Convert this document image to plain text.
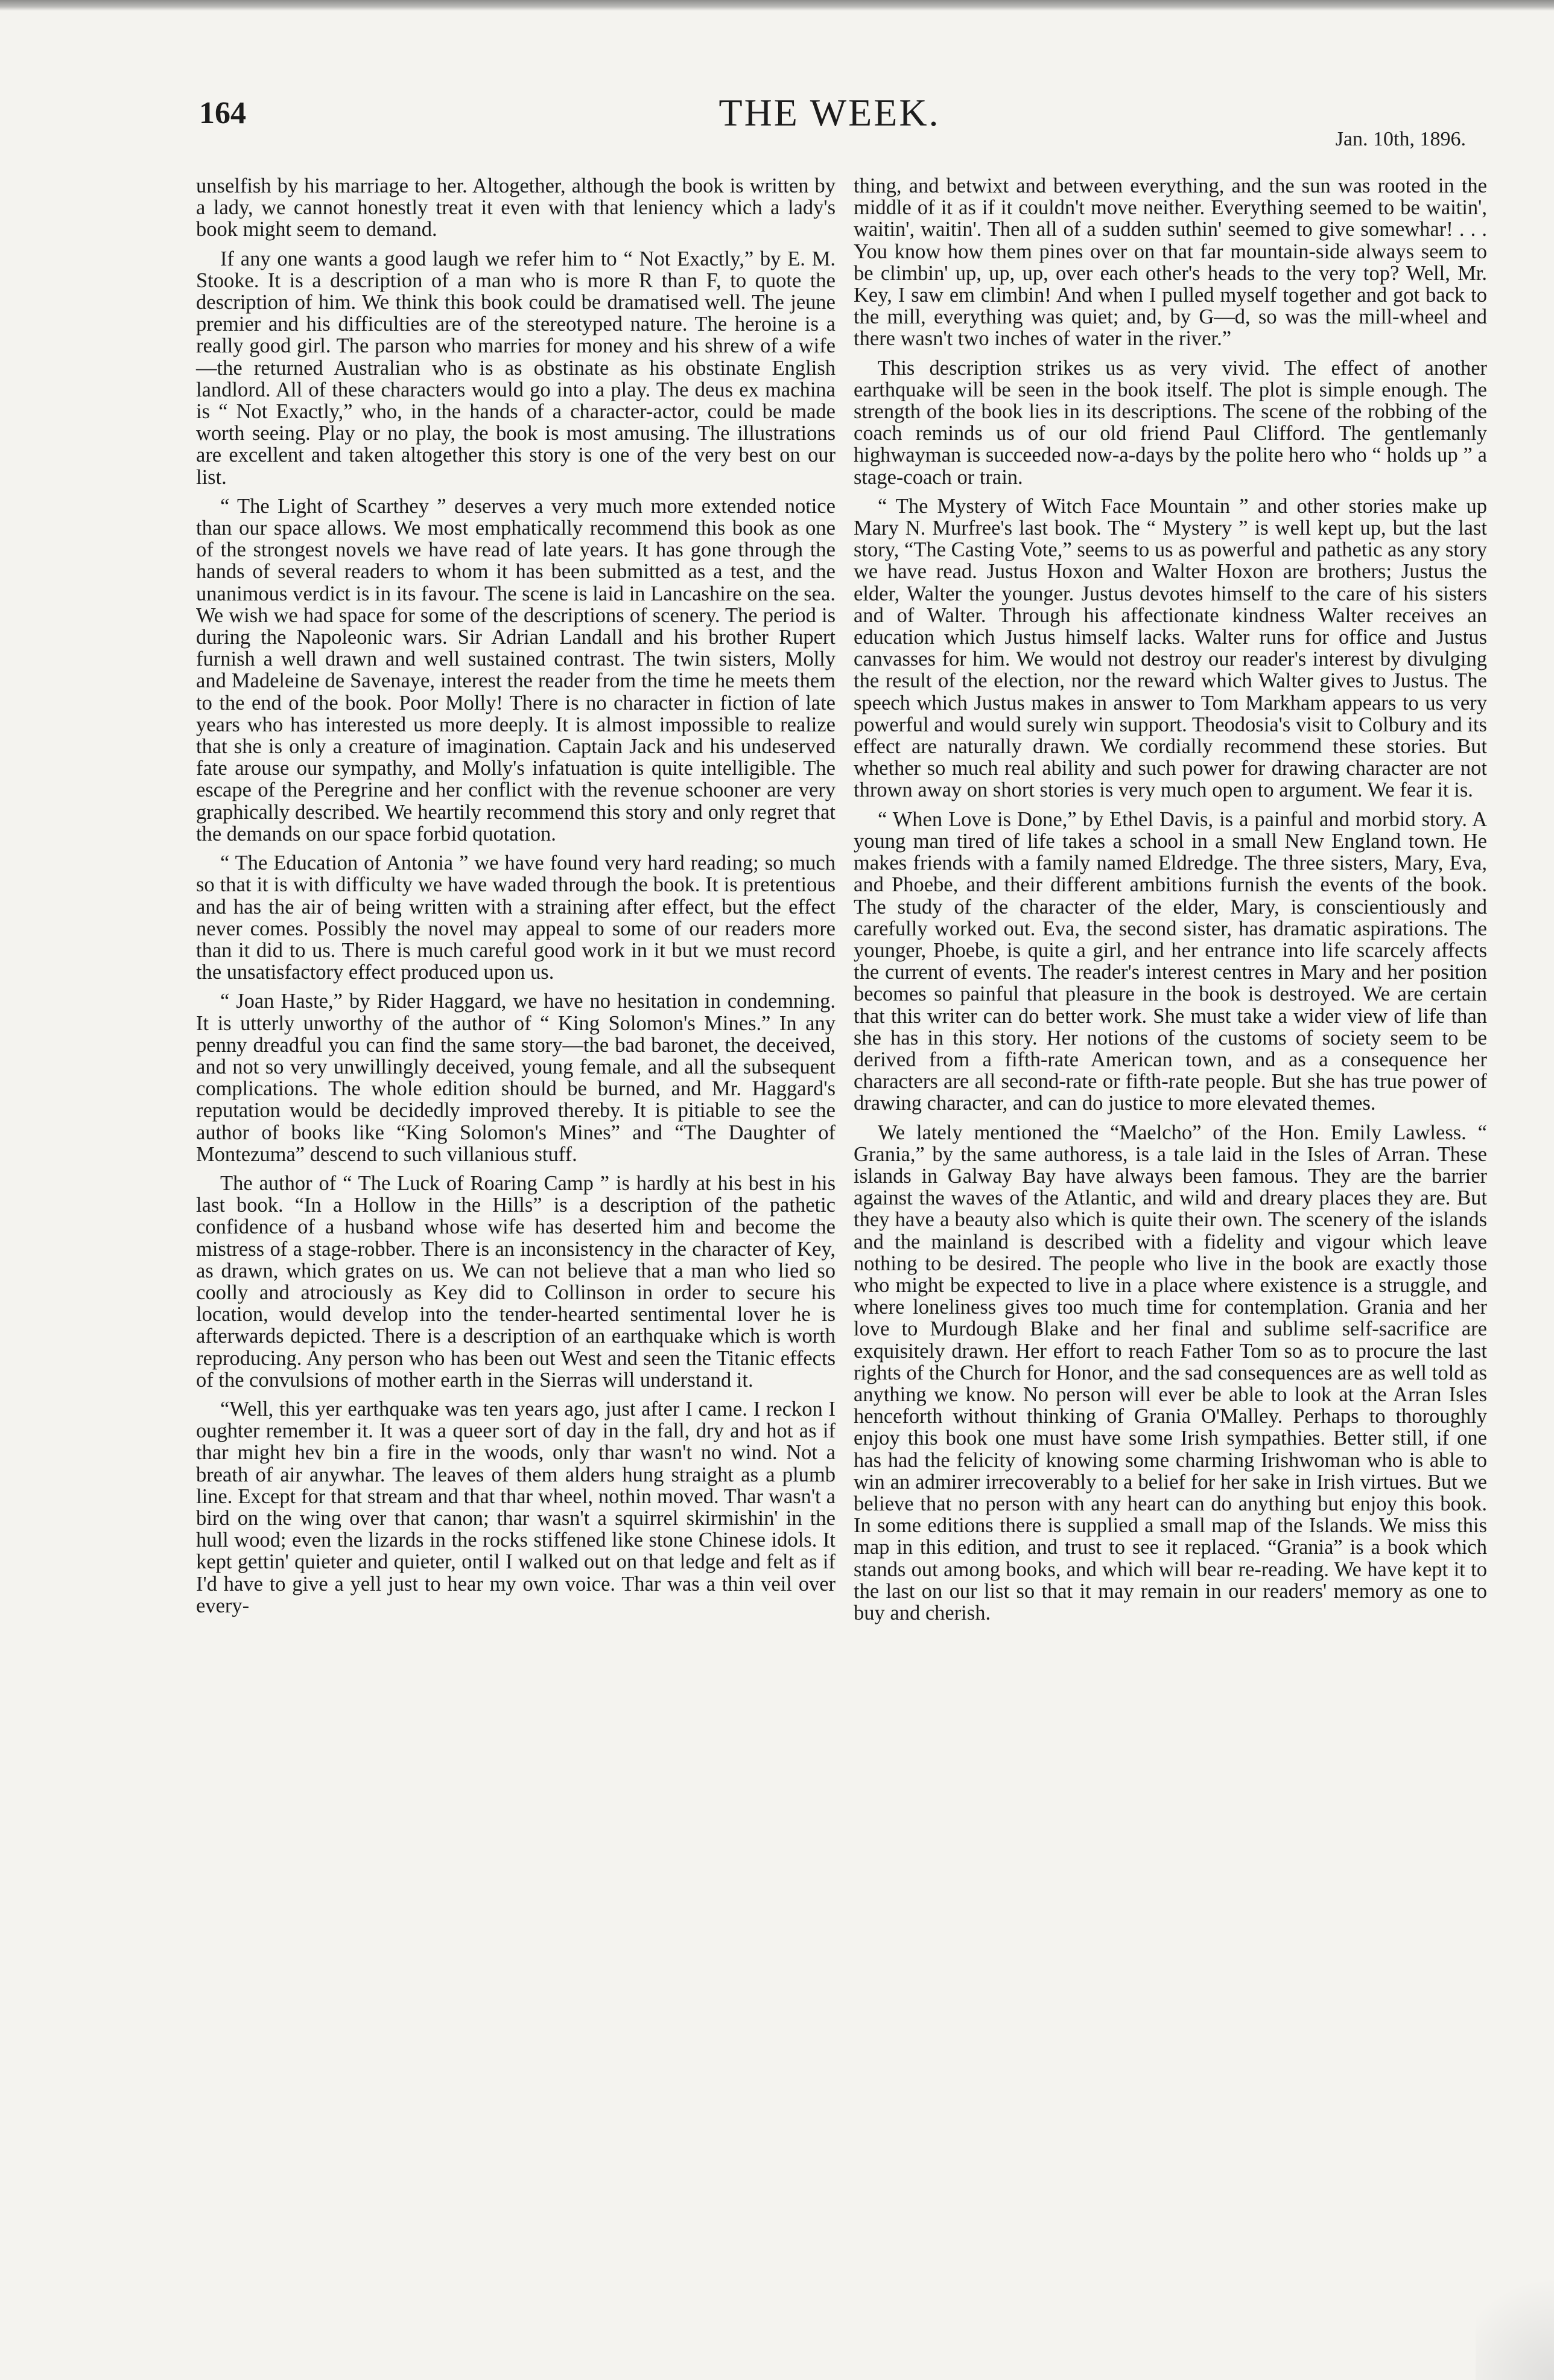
164	THE WEEK.
Jan. 10th, 1896.

unselfish by his marriage to her. Altogether, although the book is written by a lady, we cannot honestly treat it even with that leniency which a lady's book might seem to demand.

If any one wants a good laugh we refer him to “ Not Exactly,” by E. M. Stooke. It is a description of a man who is more R than F, to quote the description of him. We think this book could be dramatised well. The jeune premier and his difficulties are of the stereotyped nature. The heroine is a really good girl. The parson who marries for money and his shrew of a wife—the returned Australian who is as obstinate as his obstinate English landlord. All of these characters would go into a play. The deus ex machina is “ Not Exactly,” who, in the hands of a character-actor, could be made worth seeing. Play or no play, the book is most amusing. The illustrations are excellent and taken altogether this story is one of the very best on our list.

“ The Light of Scarthey ” deserves a very much more extended notice than our space allows. We most emphatically recommend this book as one of the strongest novels we have read of late years. It has gone through the hands of several readers to whom it has been submitted as a test, and the unanimous verdict is in its favour. The scene is laid in Lancashire on the sea. We wish we had space for some of the descriptions of scenery. The period is during the Napoleonic wars. Sir Adrian Landall and his brother Rupert furnish a well drawn and well sustained contrast. The twin sisters, Molly and Madeleine de Savenaye, interest the reader from the time he meets them to the end of the book. Poor Molly! There is no character in fiction of late years who has interested us more deeply. It is almost impossible to realize that she is only a creature of imagination. Captain Jack and his undeserved fate arouse our sympathy, and Molly's infatuation is quite intelligible. The escape of the Peregrine and her conflict with the revenue schooner are very graphically described. We heartily recommend this story and only regret that the demands on our space forbid quotation.

“ The Education of Antonia ” we have found very hard reading; so much so that it is with difficulty we have waded through the book. It is pretentious and has the air of being written with a straining after effect, but the effect never comes. Possibly the novel may appeal to some of our readers more than it did to us. There is much careful good work in it but we must record the unsatisfactory effect produced upon us.

“ Joan Haste,” by Rider Haggard, we have no hesitation in condemning. It is utterly unworthy of the author of “ King Solomon's Mines.” In any penny dreadful you can find the same story—the bad baronet, the deceived, and not so very unwillingly deceived, young female, and all the subsequent complications. The whole edition should be burned, and Mr. Haggard's reputation would be decidedly improved thereby. It is pitiable to see the author of books like “King Solomon's Mines” and “The Daughter of Montezuma” descend to such villanious stuff.

The author of “ The Luck of Roaring Camp ” is hardly at his best in his last book. “In a Hollow in the Hills” is a description of the pathetic confidence of a husband whose wife has deserted him and become the mistress of a stage-robber. There is an inconsistency in the character of Key, as drawn, which grates on us. We can not believe that a man who lied so coolly and atrociously as Key did to Collinson in order to secure his location, would develop into the tender-hearted sentimental lover he is afterwards depicted. There is a description of an earthquake which is worth reproducing. Any person who has been out West and seen the Titanic effects of the convulsions of mother earth in the Sierras will understand it.

“Well, this yer earthquake was ten years ago, just after I came. I reckon I oughter remember it. It was a queer sort of day in the fall, dry and hot as if thar might hev bin a fire in the woods, only thar wasn't no wind. Not a breath of air anywhar. The leaves of them alders hung straight as a plumb line. Except for that stream and that thar wheel, nothin moved. Thar wasn't a bird on the wing over that canon; thar wasn't a squirrel skirmishin' in the hull wood; even the lizards in the rocks stiffened like stone Chinese idols. It kept gettin' quieter and quieter, ontil I walked out on that ledge and felt as if I'd have to give a yell just to hear my own voice. Thar was a thin veil over every-

thing, and betwixt and between everything, and the sun was rooted in the middle of it as if it couldn't move neither. Everything seemed to be waitin', waitin', waitin'. Then all of a sudden suthin' seemed to give somewhar! . . . You know how them pines over on that far mountain-side always seem to be climbin' up, up, up, over each other's heads to the very top? Well, Mr. Key, I saw em climbin! And when I pulled myself together and got back to the mill, everything was quiet; and, by G—d, so was the mill-wheel and there wasn't two inches of water in the river.”

This description strikes us as very vivid. The effect of another earthquake will be seen in the book itself. The plot is simple enough. The strength of the book lies in its descriptions. The scene of the robbing of the coach reminds us of our old friend Paul Clifford. The gentlemanly highwayman is succeeded now-a-days by the polite hero who “ holds up ” a stage-coach or train.

“ The Mystery of Witch Face Mountain ” and other stories make up Mary N. Murfree's last book. The “ Mystery ” is well kept up, but the last story, “The Casting Vote,” seems to us as powerful and pathetic as any story we have read. Justus Hoxon and Walter Hoxon are brothers; Justus the elder, Walter the younger. Justus devotes himself to the care of his sisters and of Walter. Through his affectionate kindness Walter receives an education which Justus himself lacks. Walter runs for office and Justus canvasses for him. We would not destroy our reader's interest by divulging the result of the election, nor the reward which Walter gives to Justus. The speech which Justus makes in answer to Tom Markham appears to us very powerful and would surely win support. Theodosia's visit to Colbury and its effect are naturally drawn. We cordially recommend these stories. But whether so much real ability and such power for drawing character are not thrown away on short stories is very much open to argument. We fear it is.

“ When Love is Done,” by Ethel Davis, is a painful and morbid story. A young man tired of life takes a school in a small New England town. He makes friends with a family named Eldredge. The three sisters, Mary, Eva, and Phoebe, and their different ambitions furnish the events of the book. The study of the character of the elder, Mary, is conscientiously and carefully worked out. Eva, the second sister, has dramatic aspirations. The younger, Phoebe, is quite a girl, and her entrance into life scarcely affects the current of events. The reader's interest centres in Mary and her position becomes so painful that pleasure in the book is destroyed. We are certain that this writer can do better work. She must take a wider view of life than she has in this story. Her notions of the customs of society seem to be derived from a fifth-rate American town, and as a consequence her characters are all second-rate or fifth-rate people. But she has true power of drawing character, and can do justice to more elevated themes.

We lately mentioned the “Maelcho” of the Hon. Emily Lawless. “ Grania,” by the same authoress, is a tale laid in the Isles of Arran. These islands in Galway Bay have always been famous. They are the barrier against the waves of the Atlantic, and wild and dreary places they are. But they have a beauty also which is quite their own. The scenery of the islands and the mainland is described with a fidelity and vigour which leave nothing to be desired. The people who live in the book are exactly those who might be expected to live in a place where existence is a struggle, and where loneliness gives too much time for contemplation. Grania and her love to Murdough Blake and her final and sublime self-sacrifice are exquisitely drawn. Her effort to reach Father Tom so as to procure the last rights of the Church for Honor, and the sad consequences are as well told as anything we know. No person will ever be able to look at the Arran Isles henceforth without thinking of Grania O'Malley. Perhaps to thoroughly enjoy this book one must have some Irish sympathies. Better still, if one has had the felicity of knowing some charming Irishwoman who is able to win an admirer irrecoverably to a belief for her sake in Irish virtues. But we believe that no person with any heart can do anything but enjoy this book. In some editions there is supplied a small map of the Islands. We miss this map in this edition, and trust to see it replaced. “Grania” is a book which stands out among books, and which will bear re-reading. We have kept it to the last on our list so that it may remain in our readers' memory as one to buy and cherish.
